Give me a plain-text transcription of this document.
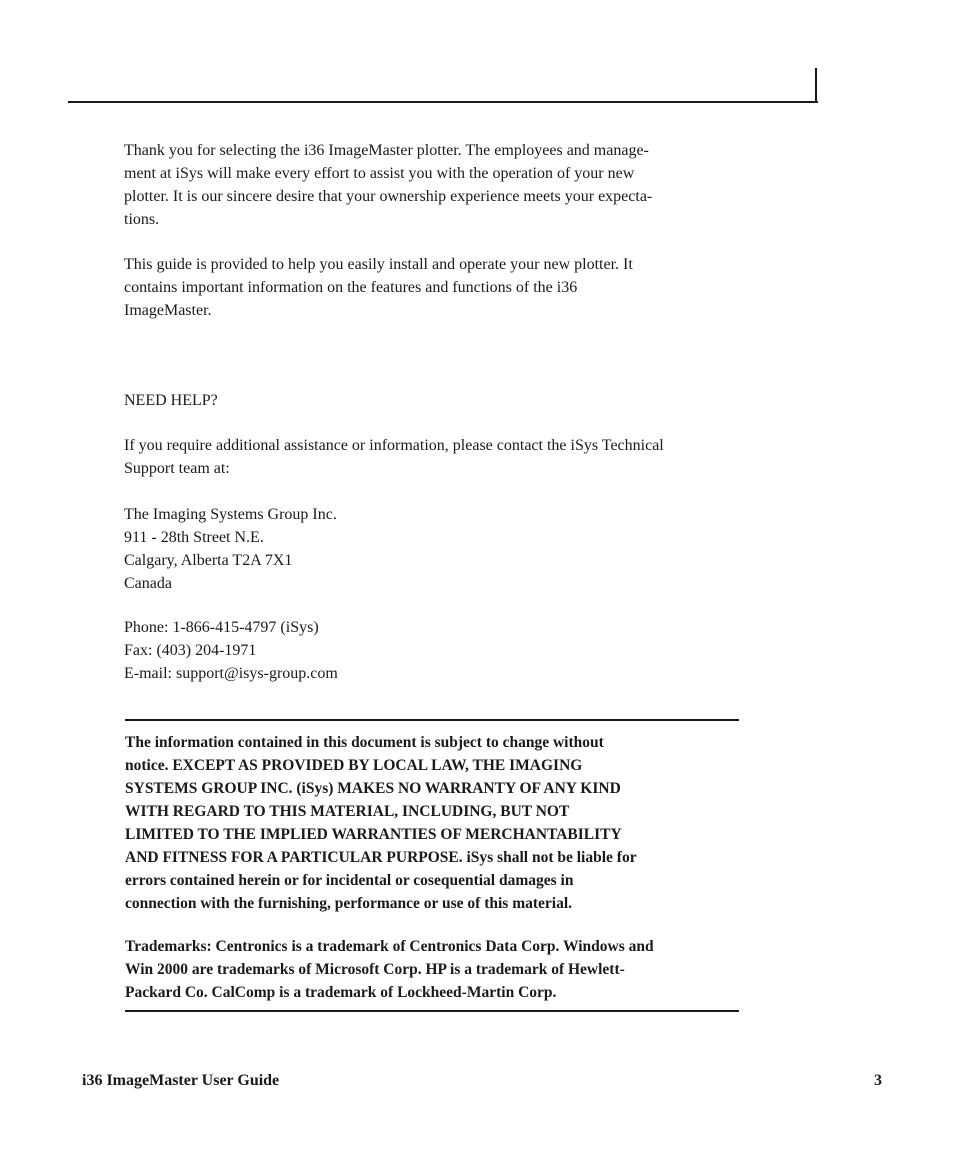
Thank you for selecting the i36 ImageMaster plotter. The employees and manage-
ment at iSys will make every effort to assist you with the operation of your new
plotter. It is our sincere desire that your ownership experience meets your expecta-
tions.
This guide is provided to help you easily install and operate your new plotter. It
contains important information on the features and functions of the i36
ImageMaster.
NEED HELP?
If you require additional assistance or information, please contact the iSys Technical
Support team at:
The Imaging Systems Group Inc.
911 - 28th Street N.E.
Calgary, Alberta T2A 7X1
Canada
Phone: 1-866-415-4797 (iSys)
Fax: (403) 204-1971
E-mail: support@isys-group.com
The information contained in this document is subject to change without
notice. EXCEPT AS PROVIDED BY LOCAL LAW, THE IMAGING
SYSTEMS GROUP INC. (iSys) MAKES NO WARRANTY OF ANY KIND
WITH REGARD TO THIS MATERIAL, INCLUDING, BUT NOT
LIMITED TO THE IMPLIED WARRANTIES OF MERCHANTABILITY
AND FITNESS FOR A PARTICULAR PURPOSE. iSys shall not be liable for
errors contained herein or for incidental or cosequential damages in
connection with the furnishing, performance or use of this material.
Trademarks: Centronics is a trademark of Centronics Data Corp. Windows and
Win 2000 are trademarks of Microsoft Corp. HP is a trademark of Hewlett-
Packard Co. CalComp is a trademark of Lockheed-Martin Corp.
i36 ImageMaster User Guide	3
